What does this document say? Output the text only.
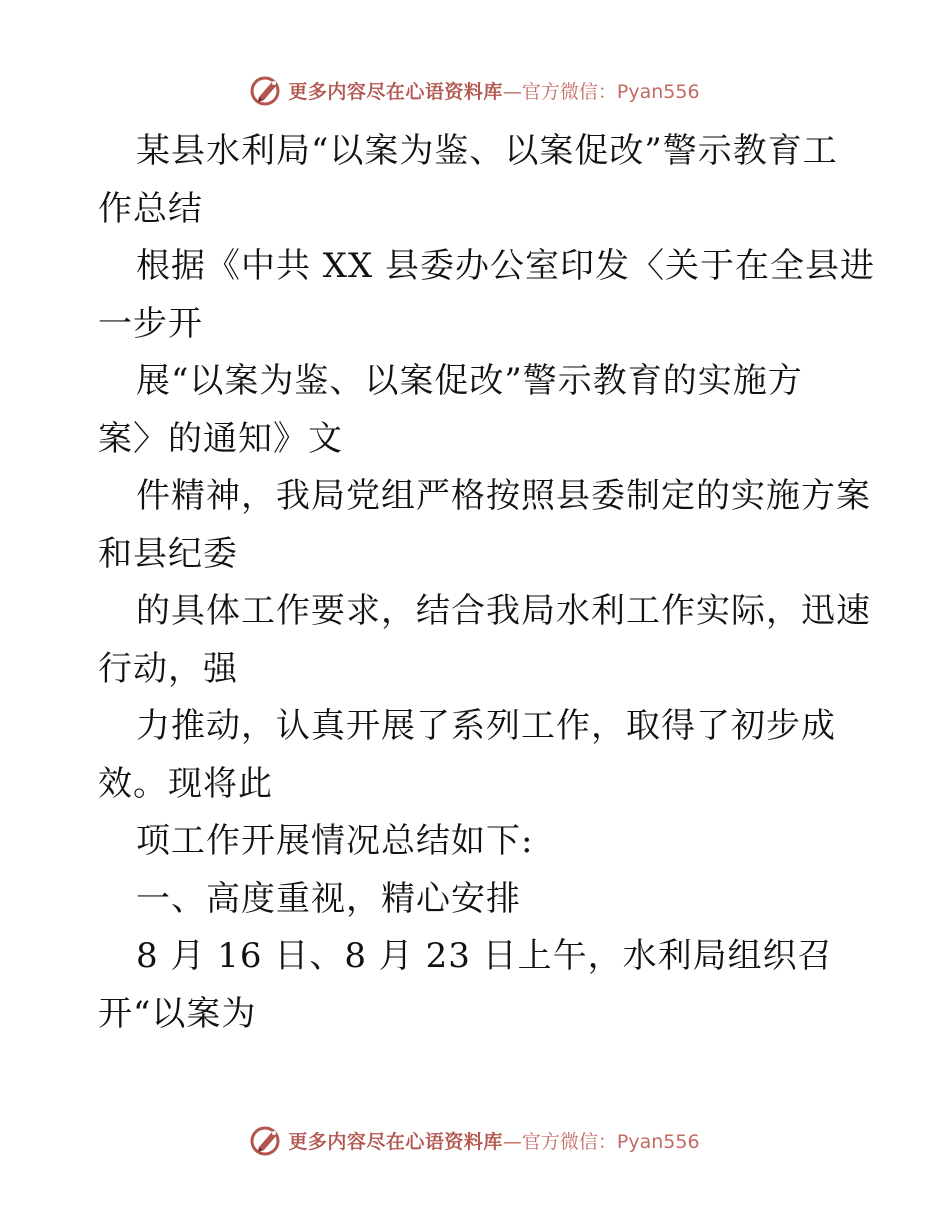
更多内容尽在心语资料库 —官方微信：Pyan556
某县水利局“以案为鉴、以案促改”警示教育工
作总结
根据《中共 XX 县委办公室印发〈关于在全县进
一步开
展“以案为鉴、以案促改”警示教育的实施方
案〉的通知》文
件精神，我局党组严格按照县委制定的实施方案
和县纪委
的具体工作要求，结合我局水利工作实际，迅速
行动，强
力推动，认真开展了系列工作，取得了初步成
效。现将此
项工作开展情况总结如下:
一、高度重视，精心安排
8 月 16 日、8 月 23 日上午，水利局组织召
开“以案为
更多内容尽在心语资料库 —官方微信：Pyan556
